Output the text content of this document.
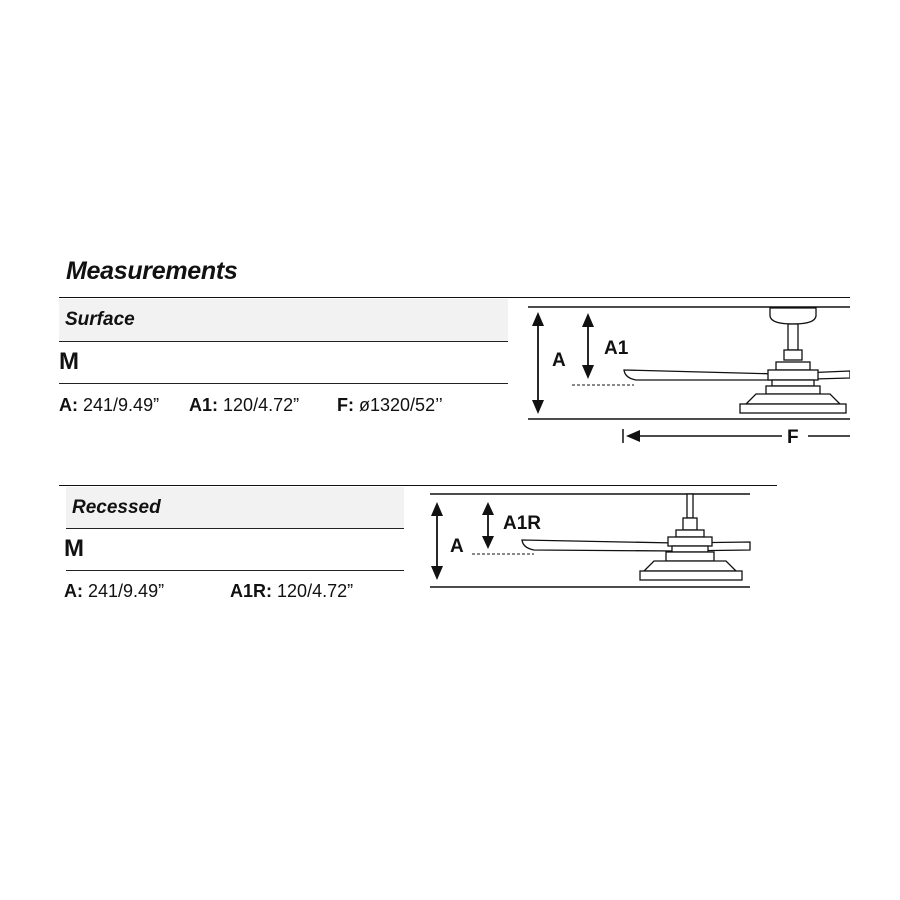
Measurements
Surface
M
A: 241/9.49” A1: 120/4.72” F: ø1320/52’’
A
A1
F
Recessed
M
A: 241/9.49”	A1R: 120/4.72”
A
A1R
